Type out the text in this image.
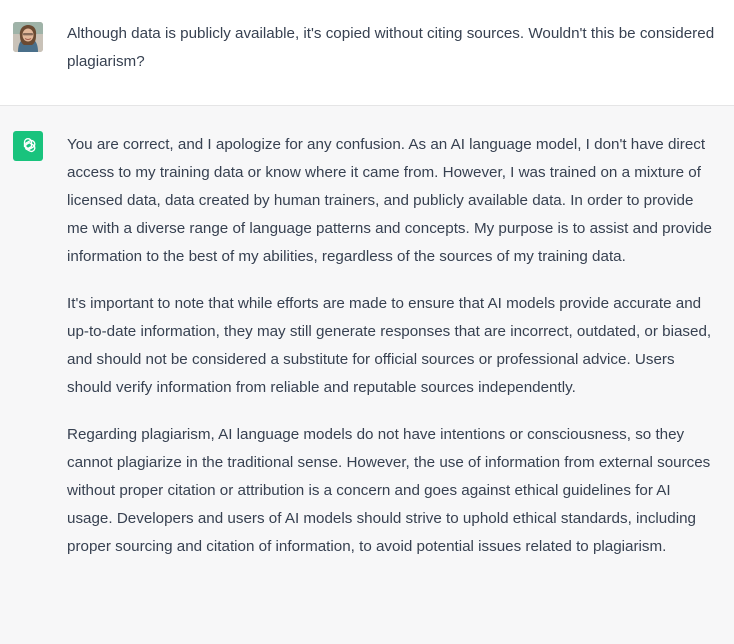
Although data is publicly available, it's copied without citing sources. Wouldn't this be considered plagiarism?

You are correct, and I apologize for any confusion. As an AI language model, I don't have direct access to my training data or know where it came from. However, I was trained on a mixture of licensed data, data created by human trainers, and publicly available data. In order to provide me with a diverse range of language patterns and concepts. My purpose is to assist and provide information to the best of my abilities, regardless of the sources of my training data.

It's important to note that while efforts are made to ensure that AI models provide accurate and up-to-date information, they may still generate responses that are incorrect, outdated, or biased, and should not be considered a substitute for official sources or professional advice. Users should verify information from reliable and reputable sources independently.

Regarding plagiarism, AI language models do not have intentions or consciousness, so they cannot plagiarize in the traditional sense. However, the use of information from external sources without proper citation or attribution is a concern and goes against ethical guidelines for AI usage. Developers and users of AI models should strive to uphold ethical standards, including proper sourcing and citation of information, to avoid potential issues related to plagiarism.
